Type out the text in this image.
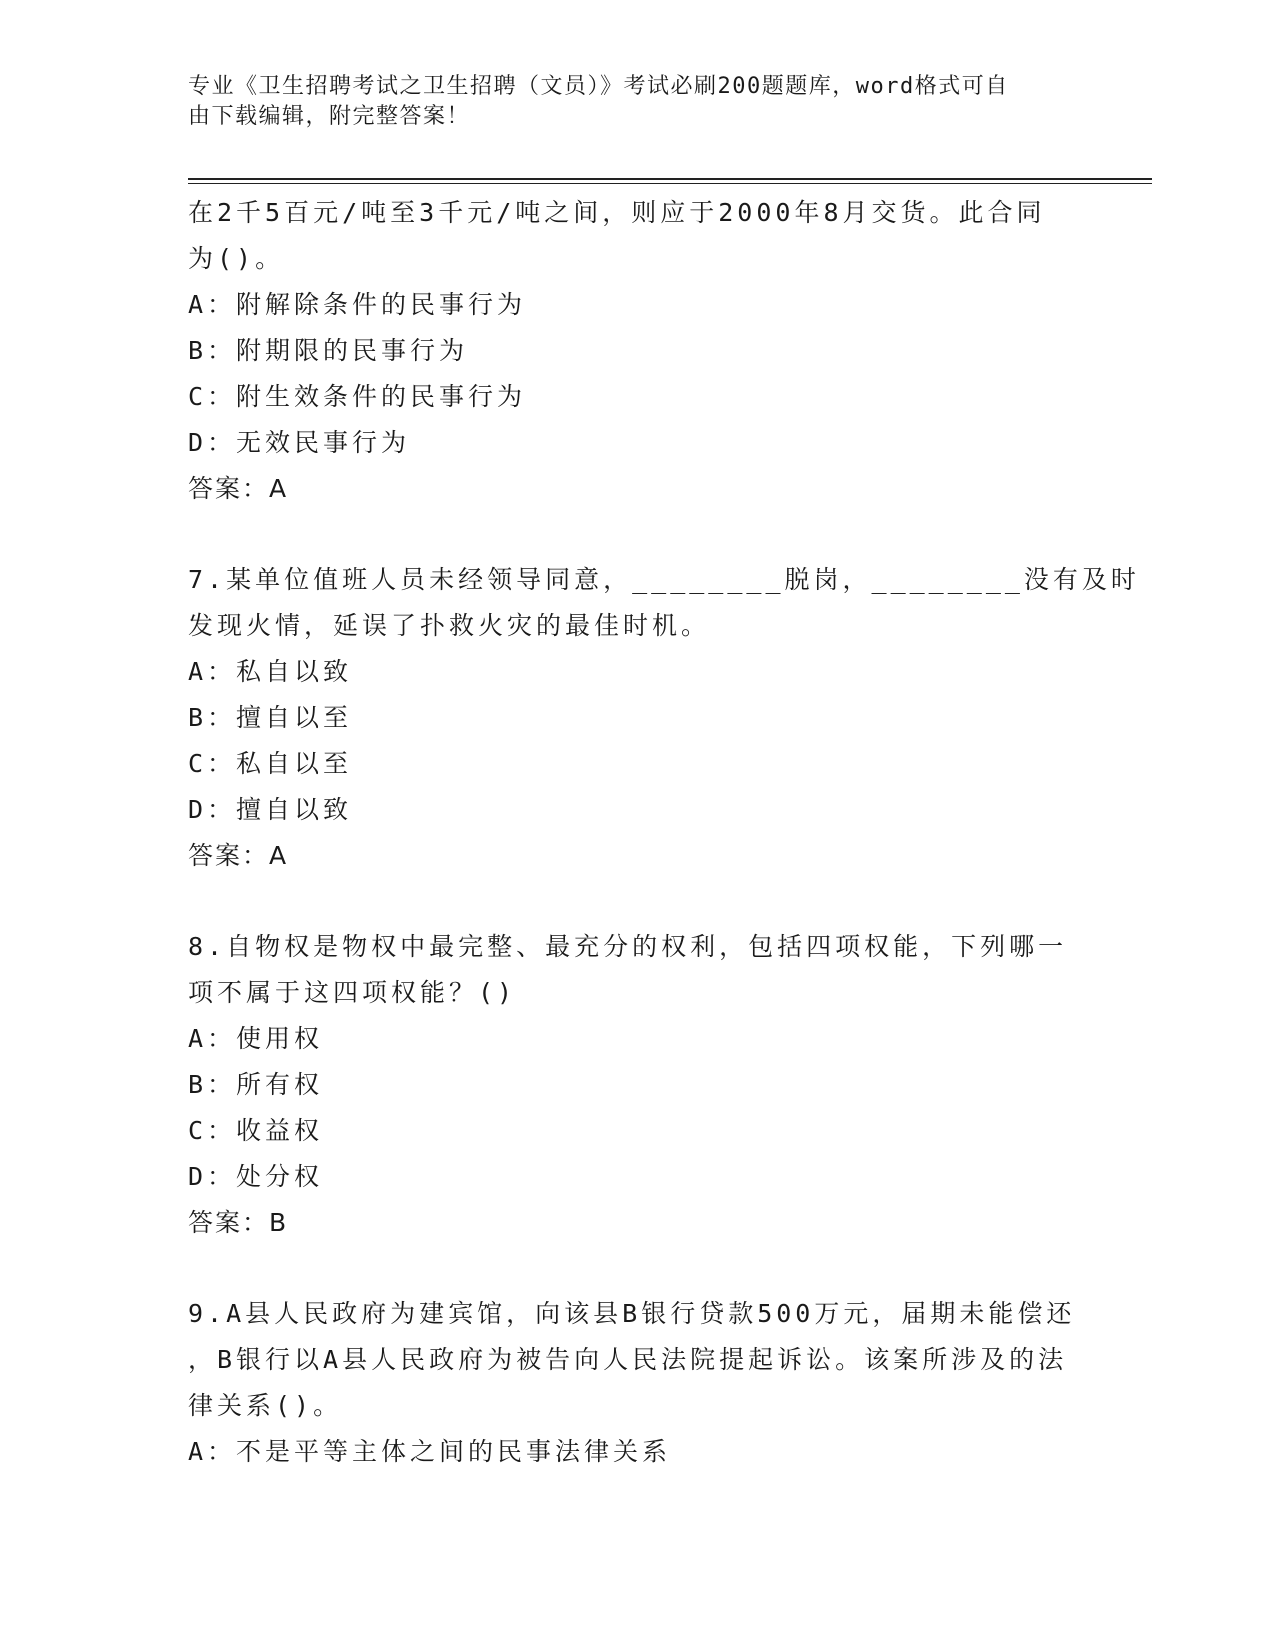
专业《卫生招聘考试之卫生招聘（文员）》考试必刷200题题库，word格式可自
由下载编辑，附完整答案！
在2千5百元/吨至3千元/吨之间，则应于2000年8月交货。此合同
为()。
A：附解除条件的民事行为
B：附期限的民事行为
C：附生效条件的民事行为
D：无效民事行为
答案：A
7.某单位值班人员未经领导同意，________脱岗，________没有及时
发现火情，延误了扑救火灾的最佳时机。
A：私自以致
B：擅自以至
C：私自以至
D：擅自以致
答案：A
8.自物权是物权中最完整、最充分的权利，包括四项权能，下列哪一
项不属于这四项权能？()
A：使用权
B：所有权
C：收益权
D：处分权
答案：B
9.A县人民政府为建宾馆，向该县B银行贷款500万元，届期未能偿还
，B银行以A县人民政府为被告向人民法院提起诉讼。该案所涉及的法
律关系()。
A：不是平等主体之间的民事法律关系
